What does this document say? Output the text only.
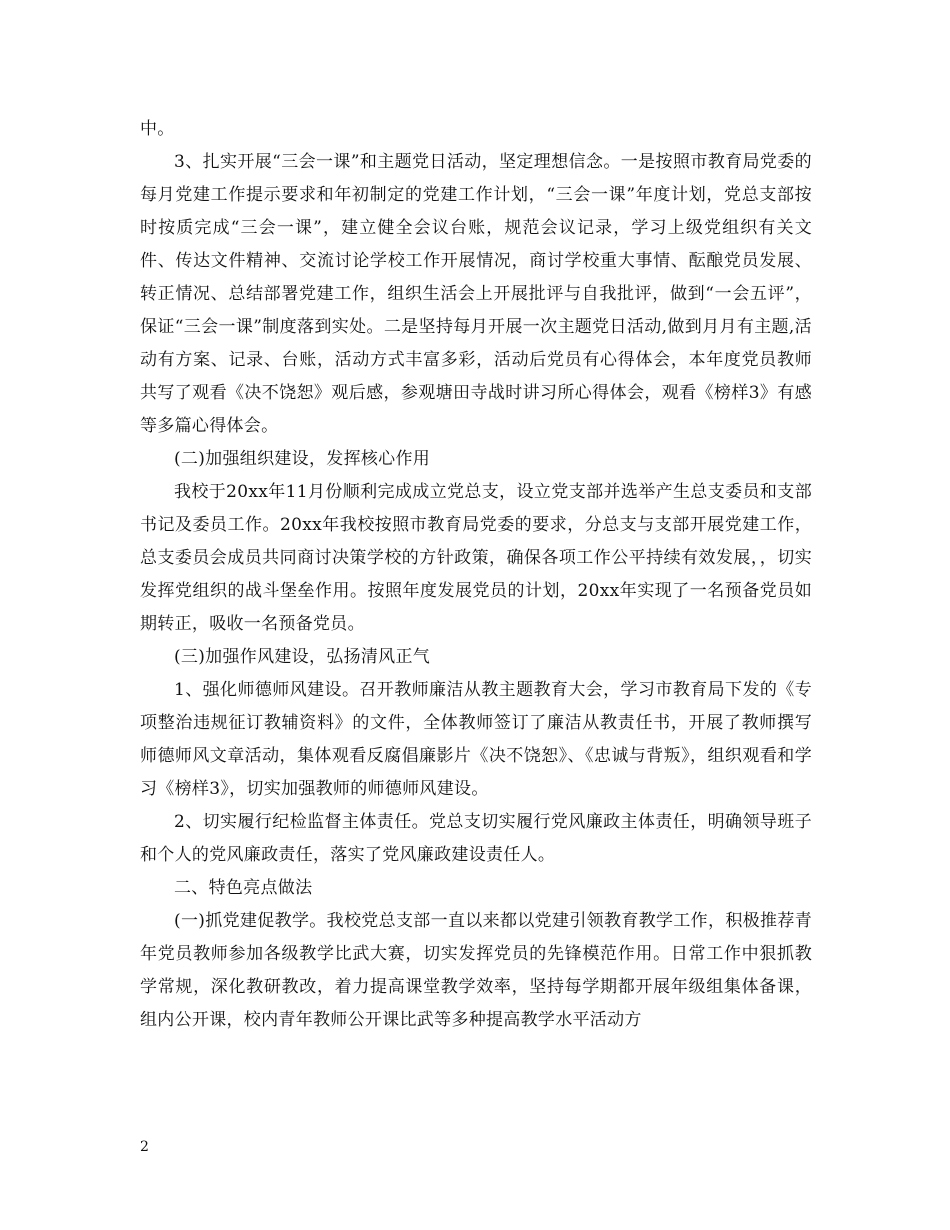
中。

3、扎实开展“三会一课”和主题党日活动，坚定理想信念。一是按照市教育局党委的每月党建工作提示要求和年初制定的党建工作计划，“三会一课”年度计划，党总支部按时按质完成“三会一课”，建立健全会议台账，规范会议记录，学习上级党组织有关文件、传达文件精神、交流讨论学校工作开展情况，商讨学校重大事情、酝酿党员发展、转正情况、总结部署党建工作，组织生活会上开展批评与自我批评，做到“一会五评”，保证“三会一课”制度落到实处。二是坚持每月开展一次主题党日活动,做到月月有主题,活动有方案、记录、台账，活动方式丰富多彩，活动后党员有心得体会，本年度党员教师共写了观看《决不饶恕》观后感，参观塘田寺战时讲习所心得体会，观看《榜样3》有感等多篇心得体会。

(二)加强组织建设，发挥核心作用

我校于20xx年11月份顺利完成成立党总支，设立党支部并选举产生总支委员和支部书记及委员工作。20xx年我校按照市教育局党委的要求，分总支与支部开展党建工作，总支委员会成员共同商讨决策学校的方针政策，确保各项工作公平持续有效发展，，切实发挥党组织的战斗堡垒作用。按照年度发展党员的计划，20xx年实现了一名预备党员如期转正，吸收一名预备党员。

(三)加强作风建设，弘扬清风正气

1、强化师德师风建设。召开教师廉洁从教主题教育大会，学习市教育局下发的《专项整治违规征订教辅资料》的文件，全体教师签订了廉洁从教责任书，开展了教师撰写师德师风文章活动，集体观看反腐倡廉影片《决不饶恕》、《忠诚与背叛》，组织观看和学习《榜样3》，切实加强教师的师德师风建设。

2、切实履行纪检监督主体责任。党总支切实履行党风廉政主体责任，明确领导班子和个人的党风廉政责任，落实了党风廉政建设责任人。

二、特色亮点做法

(一)抓党建促教学。我校党总支部一直以来都以党建引领教育教学工作，积极推荐青年党员教师参加各级教学比武大赛，切实发挥党员的先锋模范作用。日常工作中狠抓教学常规，深化教研教改，着力提高课堂教学效率，坚持每学期都开展年级组集体备课，组内公开课，校内青年教师公开课比武等多种提高教学水平活动方

2
